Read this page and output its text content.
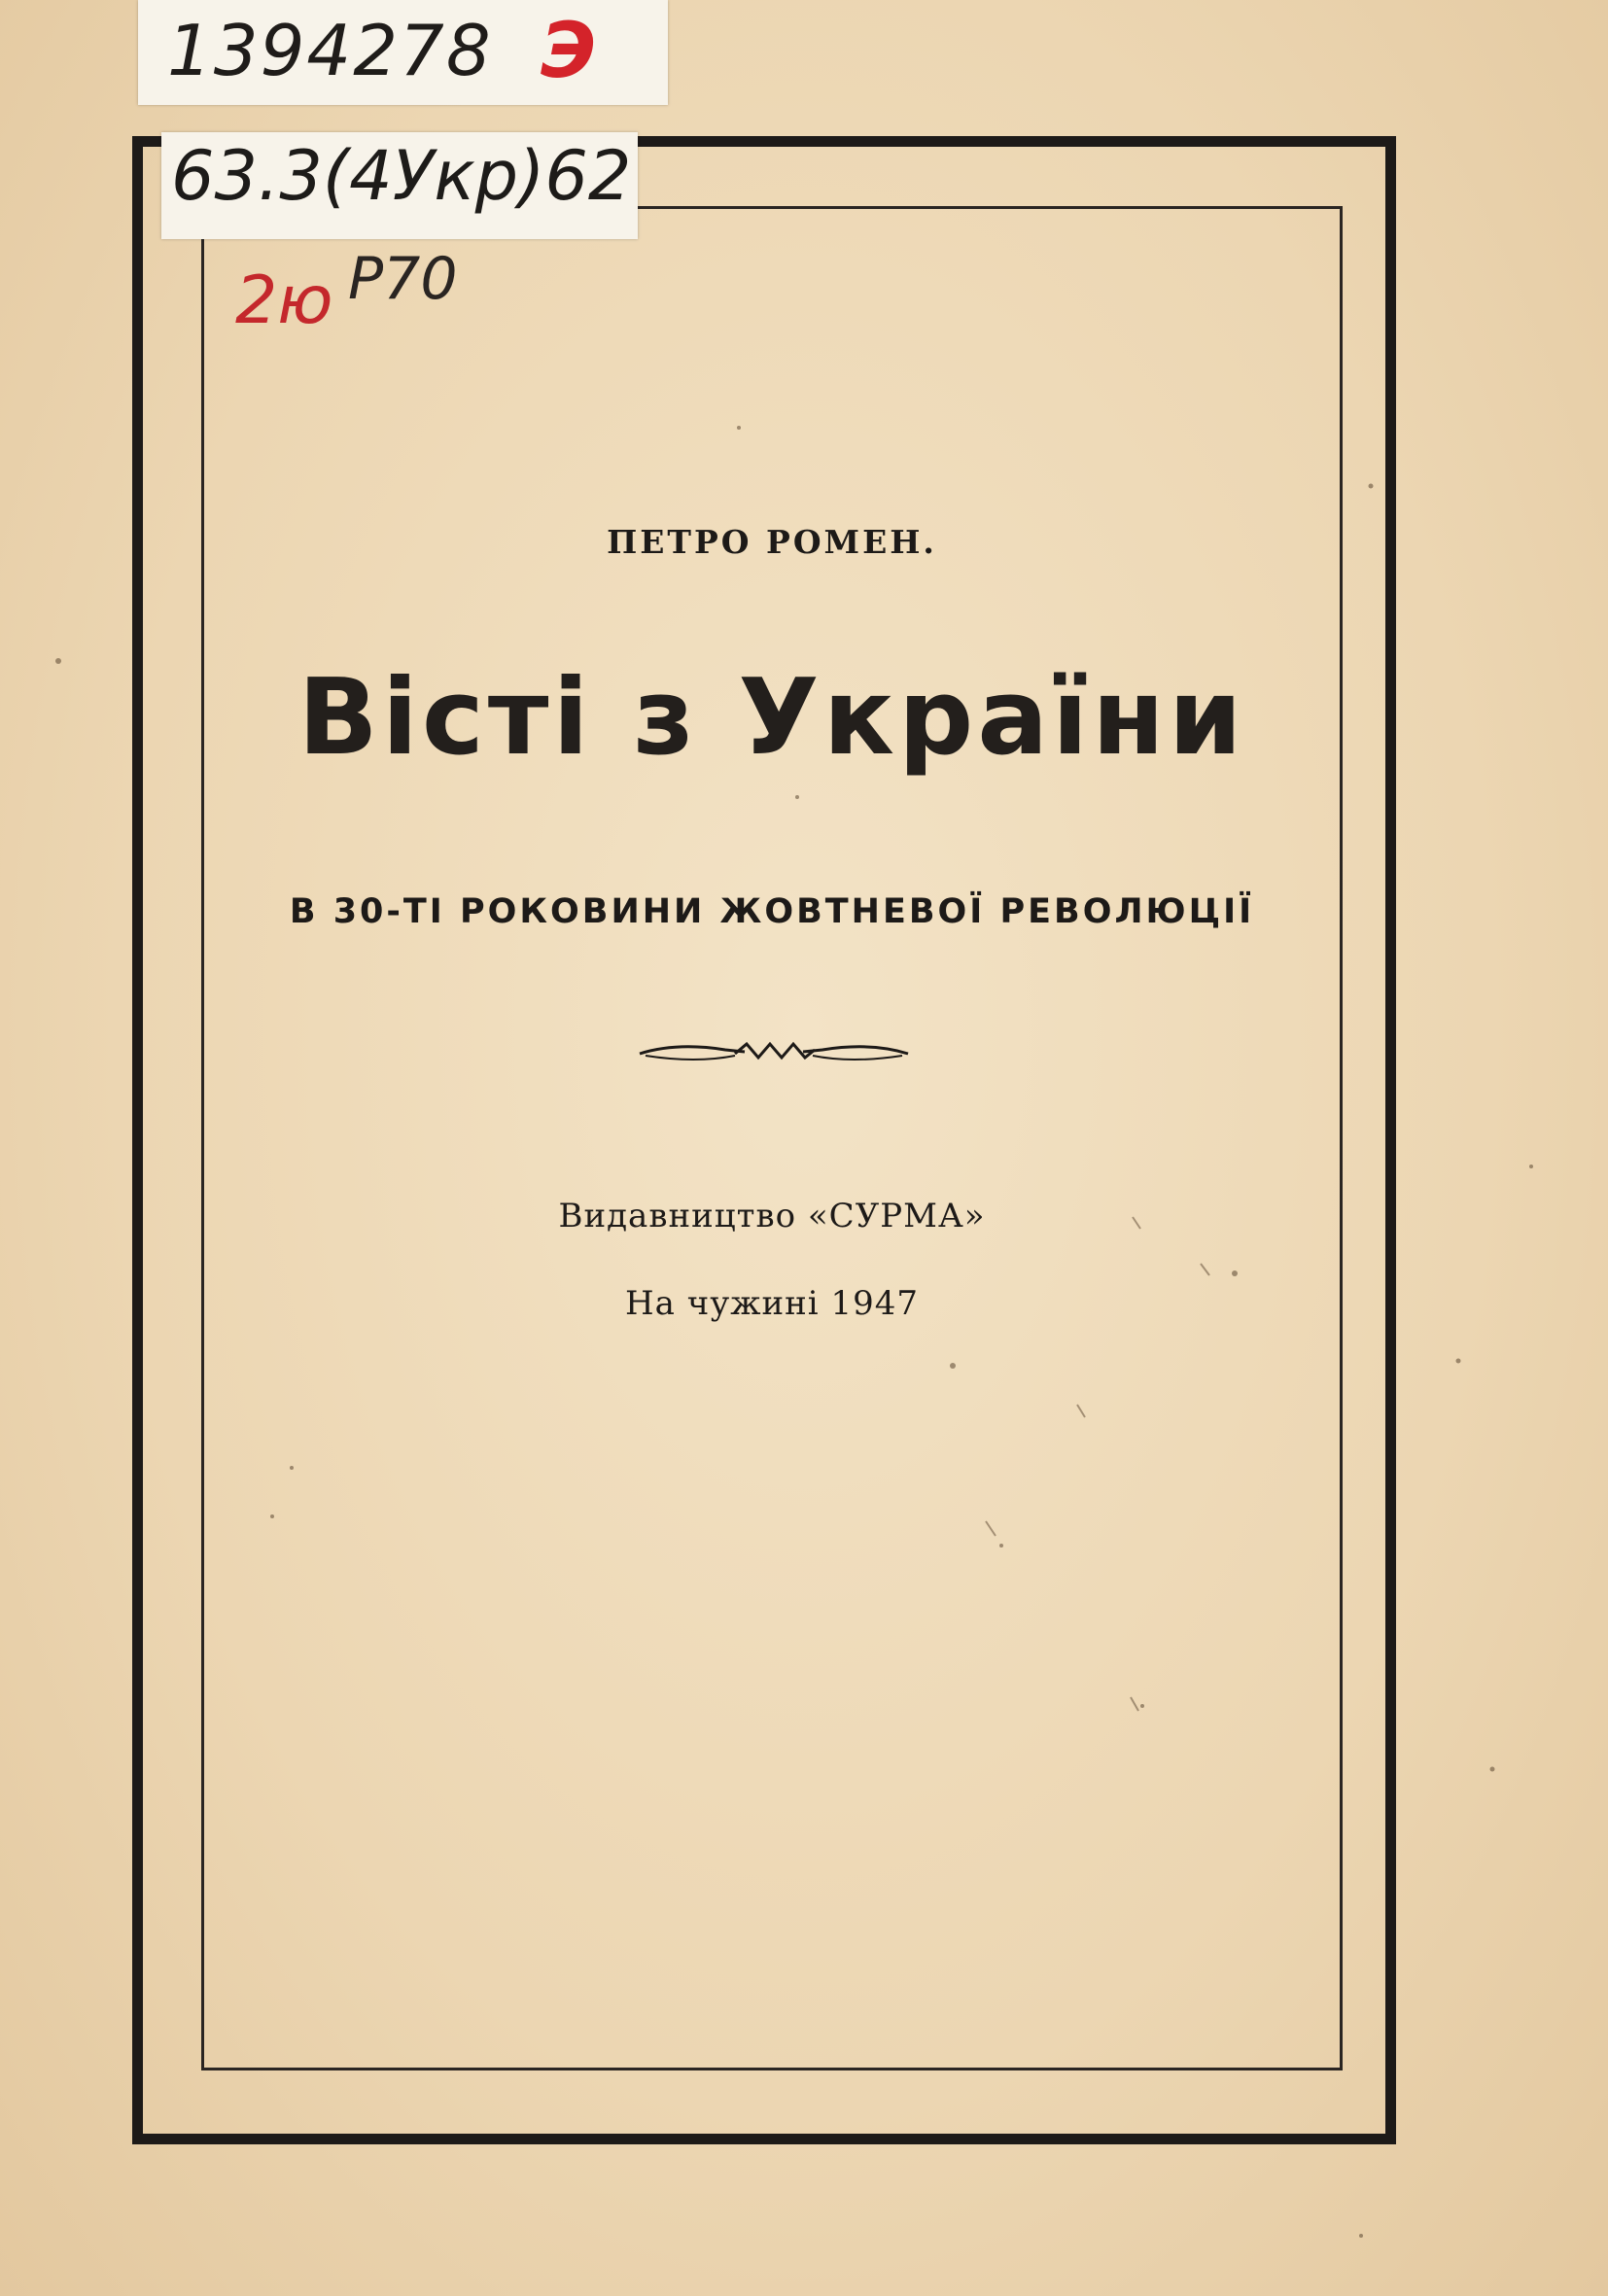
1394278 Э
63.3(4Укр)62
2ю Р70
ПЕТРО РОМЕН.
Вісті з України
В 30-ТІ РОКОВИНИ ЖОВТНЕВОЇ РЕВОЛЮЦІЇ
Видавництво «СУРМА»
На чужині 1947
